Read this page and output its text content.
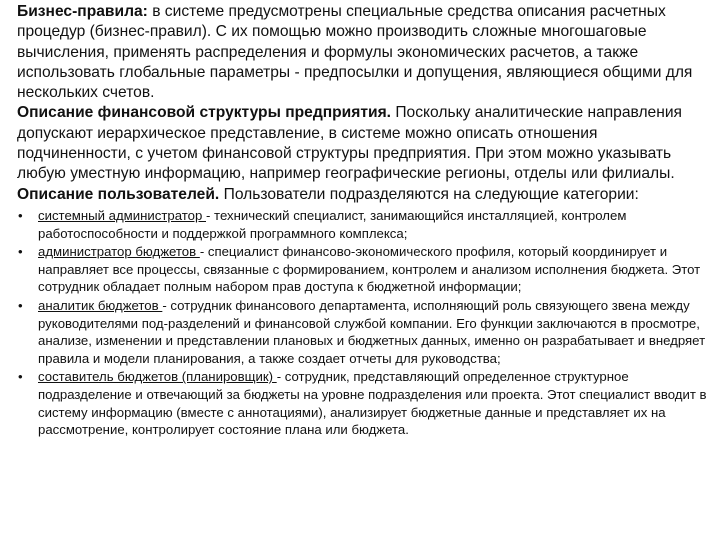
Бизнес-правила: в системе предусмотрены специальные средства описания расчетных процедур (бизнес-правил). С их помощью можно производить сложные многошаговые вычисления, применять распределения и формулы экономических расчетов, а также использовать глобальные параметры - предпосылки и допущения, являющиеся общими для нескольких счетов.

Описание финансовой структуры предприятия. Поскольку аналитические направления допускают иерархическое представление, в системе можно описать отношения подчиненности, с учетом финансовой структуры предприятия. При этом можно указывать любую уместную информацию, например географические регионы, отделы или филиалы.

Описание пользователей. Пользователи подразделяются на следующие категории:

• системный администратор - технический специалист, занимающийся инсталляцией, контролем работоспособности и поддержкой программного комплекса;
• администратор бюджетов - специалист финансово-экономического профиля, который координирует и направляет все процессы, связанные с формированием, контролем и анализом исполнения бюджета. Этот сотрудник обладает полным набором прав доступа к бюджетной информации;
• аналитик бюджетов - сотрудник финансового департамента, исполняющий роль связующего звена между руководителями под-разделений и финансовой службой компании. Его функции заключаются в просмотре, анализе, изменении и представлении плановых и бюджетных данных, именно он разрабатывает и внедряет правила и модели планирования, а также создает отчеты для руководства;
• составитель бюджетов (планировщик) - сотрудник, представляющий определенное структурное подразделение и отвечающий за бюджеты на уровне подразделения или проекта. Этот специалист вводит в систему информацию (вместе с аннотациями), анализирует бюджетные данные и представляет их на рассмотрение, контролирует состояние плана или бюджета.
